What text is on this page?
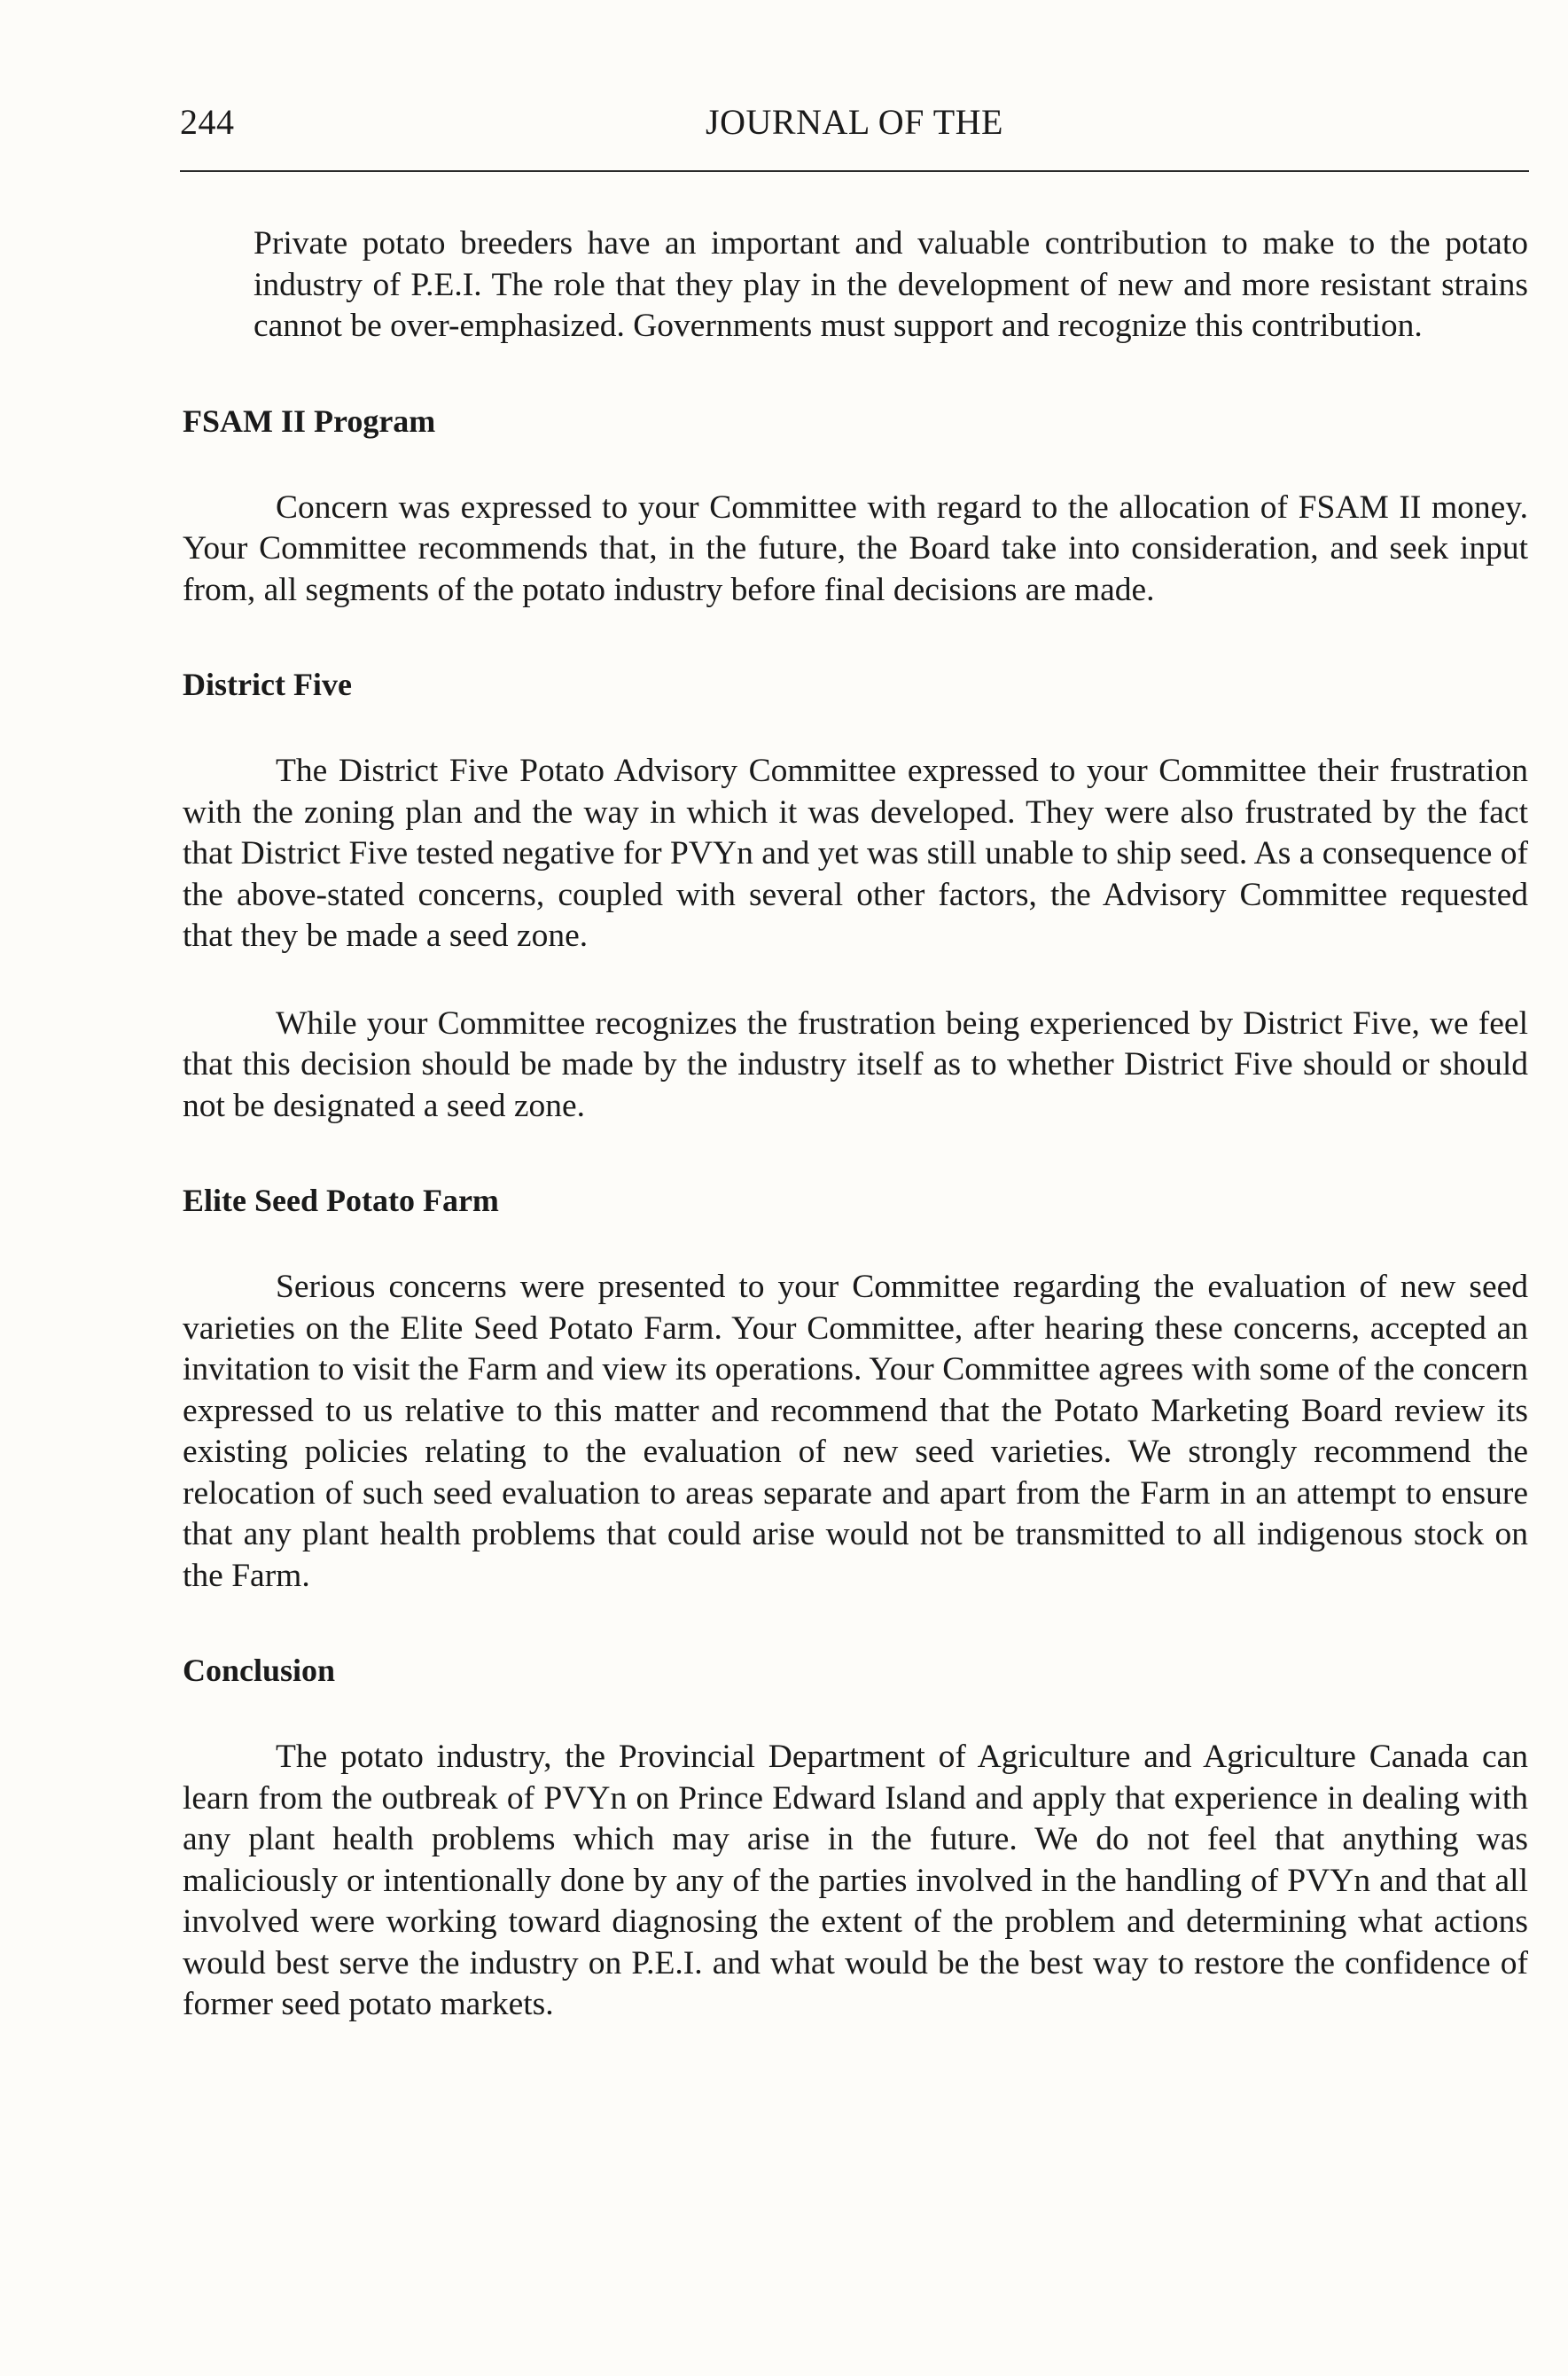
244	JOURNAL OF THE

Private potato breeders have an important and valuable contribution to make to the potato industry of P.E.I. The role that they play in the development of new and more resistant strains cannot be over-emphasized. Governments must support and recognize this contribution.

FSAM II Program

Concern was expressed to your Committee with regard to the allocation of FSAM II money. Your Committee recommends that, in the future, the Board take into consideration, and seek input from, all segments of the potato industry before final decisions are made.

District Five

The District Five Potato Advisory Committee expressed to your Committee their frustration with the zoning plan and the way in which it was developed. They were also frustrated by the fact that District Five tested negative for PVYn and yet was still unable to ship seed. As a consequence of the above-stated concerns, coupled with several other factors, the Advisory Committee requested that they be made a seed zone.

While your Committee recognizes the frustration being experienced by District Five, we feel that this decision should be made by the industry itself as to whether District Five should or should not be designated a seed zone.

Elite Seed Potato Farm

Serious concerns were presented to your Committee regarding the evaluation of new seed varieties on the Elite Seed Potato Farm. Your Committee, after hearing these concerns, accepted an invitation to visit the Farm and view its operations. Your Committee agrees with some of the concern expressed to us relative to this matter and recommend that the Potato Marketing Board review its existing policies relating to the evaluation of new seed varieties. We strongly recommend the relocation of such seed evaluation to areas separate and apart from the Farm in an attempt to ensure that any plant health problems that could arise would not be transmitted to all indigenous stock on the Farm.

Conclusion

The potato industry, the Provincial Department of Agriculture and Agriculture Canada can learn from the outbreak of PVYn on Prince Edward Island and apply that experience in dealing with any plant health problems which may arise in the future. We do not feel that anything was maliciously or intentionally done by any of the parties involved in the handling of PVYn and that all involved were working toward diagnosing the extent of the problem and determining what actions would best serve the industry on P.E.I. and what would be the best way to restore the confidence of former seed potato markets.
